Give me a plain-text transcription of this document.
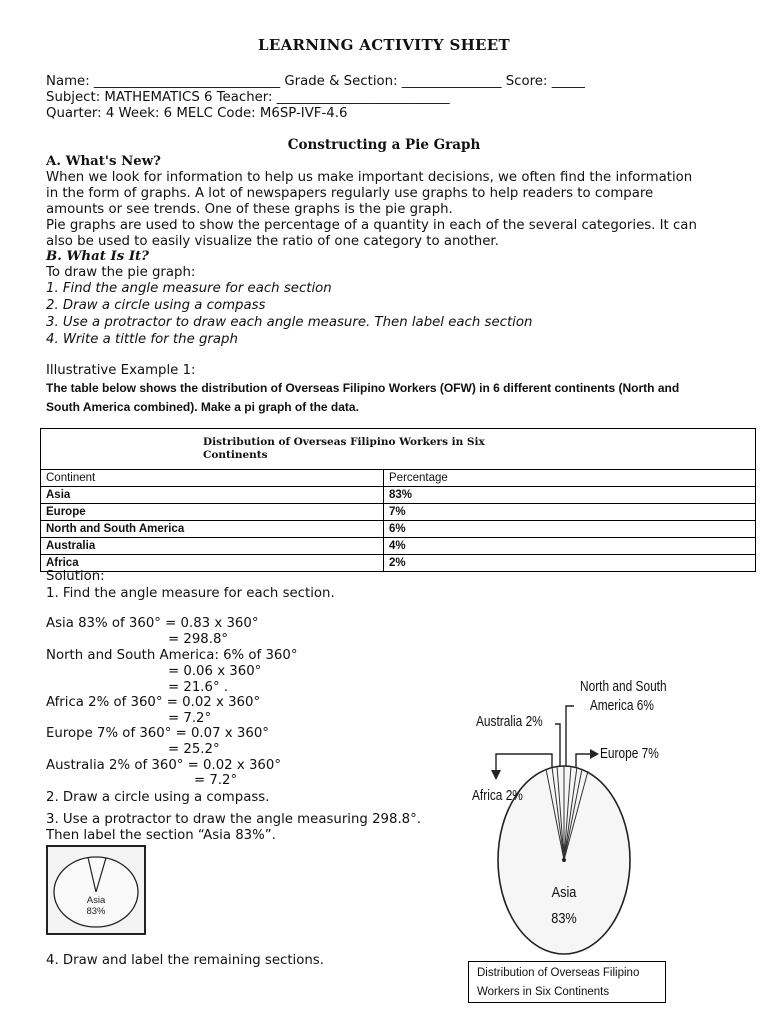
LEARNING ACTIVITY SHEET
Name: ____________________________ Grade & Section: _______________ Score: _____
Subject: MATHEMATICS 6 Teacher: __________________________
Quarter: 4 Week: 6 MELC Code: M6SP-IVF-4.6
Constructing a Pie Graph
A. What's New?
When we look for information to help us make important decisions, we often find the information
in the form of graphs. A lot of newspapers regularly use graphs to help readers to compare
amounts or see trends. One of these graphs is the pie graph.
Pie graphs are used to show the percentage of a quantity in each of the several categories. It can
also be used to easily visualize the ratio of one category to another.
B. What Is It?
To draw the pie graph:
1. Find the angle measure for each section
2. Draw a circle using a compass
3. Use a protractor to draw each angle measure. Then label each section
4. Write a tittle for the graph
Illustrative Example 1:
The table below shows the distribution of Overseas Filipino Workers (OFW) in 6 different continents (North and
South America combined). Make a pi graph of the data.
Distribution of Overseas Filipino Workers in Six
Continents	
Continent	Percentage
Asia	83%
Europe	7%
North and South America	6%
Australia	4%
Africa	2%
Solution:
1. Find the angle measure for each section.
Asia 83% of 360° = 0.83 x 360°
= 298.8°
North and South America: 6% of 360°
= 0.06 x 360°
= 21.6° .
Africa 2% of 360° = 0.02 x 360°
= 7.2°
Europe 7% of 360° = 0.07 x 360°
= 25.2°
Australia 2% of 360° = 0.02 x 360°
= 7.2°
2. Draw a circle using a compass.
3. Use a protractor to draw the angle measuring 298.8°.
Then label the section “Asia 83%”.
Asia
83%
4. Draw and label the remaining sections.
North and South
America 6%
Australia 2%
Europe 7%
Africa 2%
Asia
83%
Distribution of Overseas Filipino
Workers in Six Continents
